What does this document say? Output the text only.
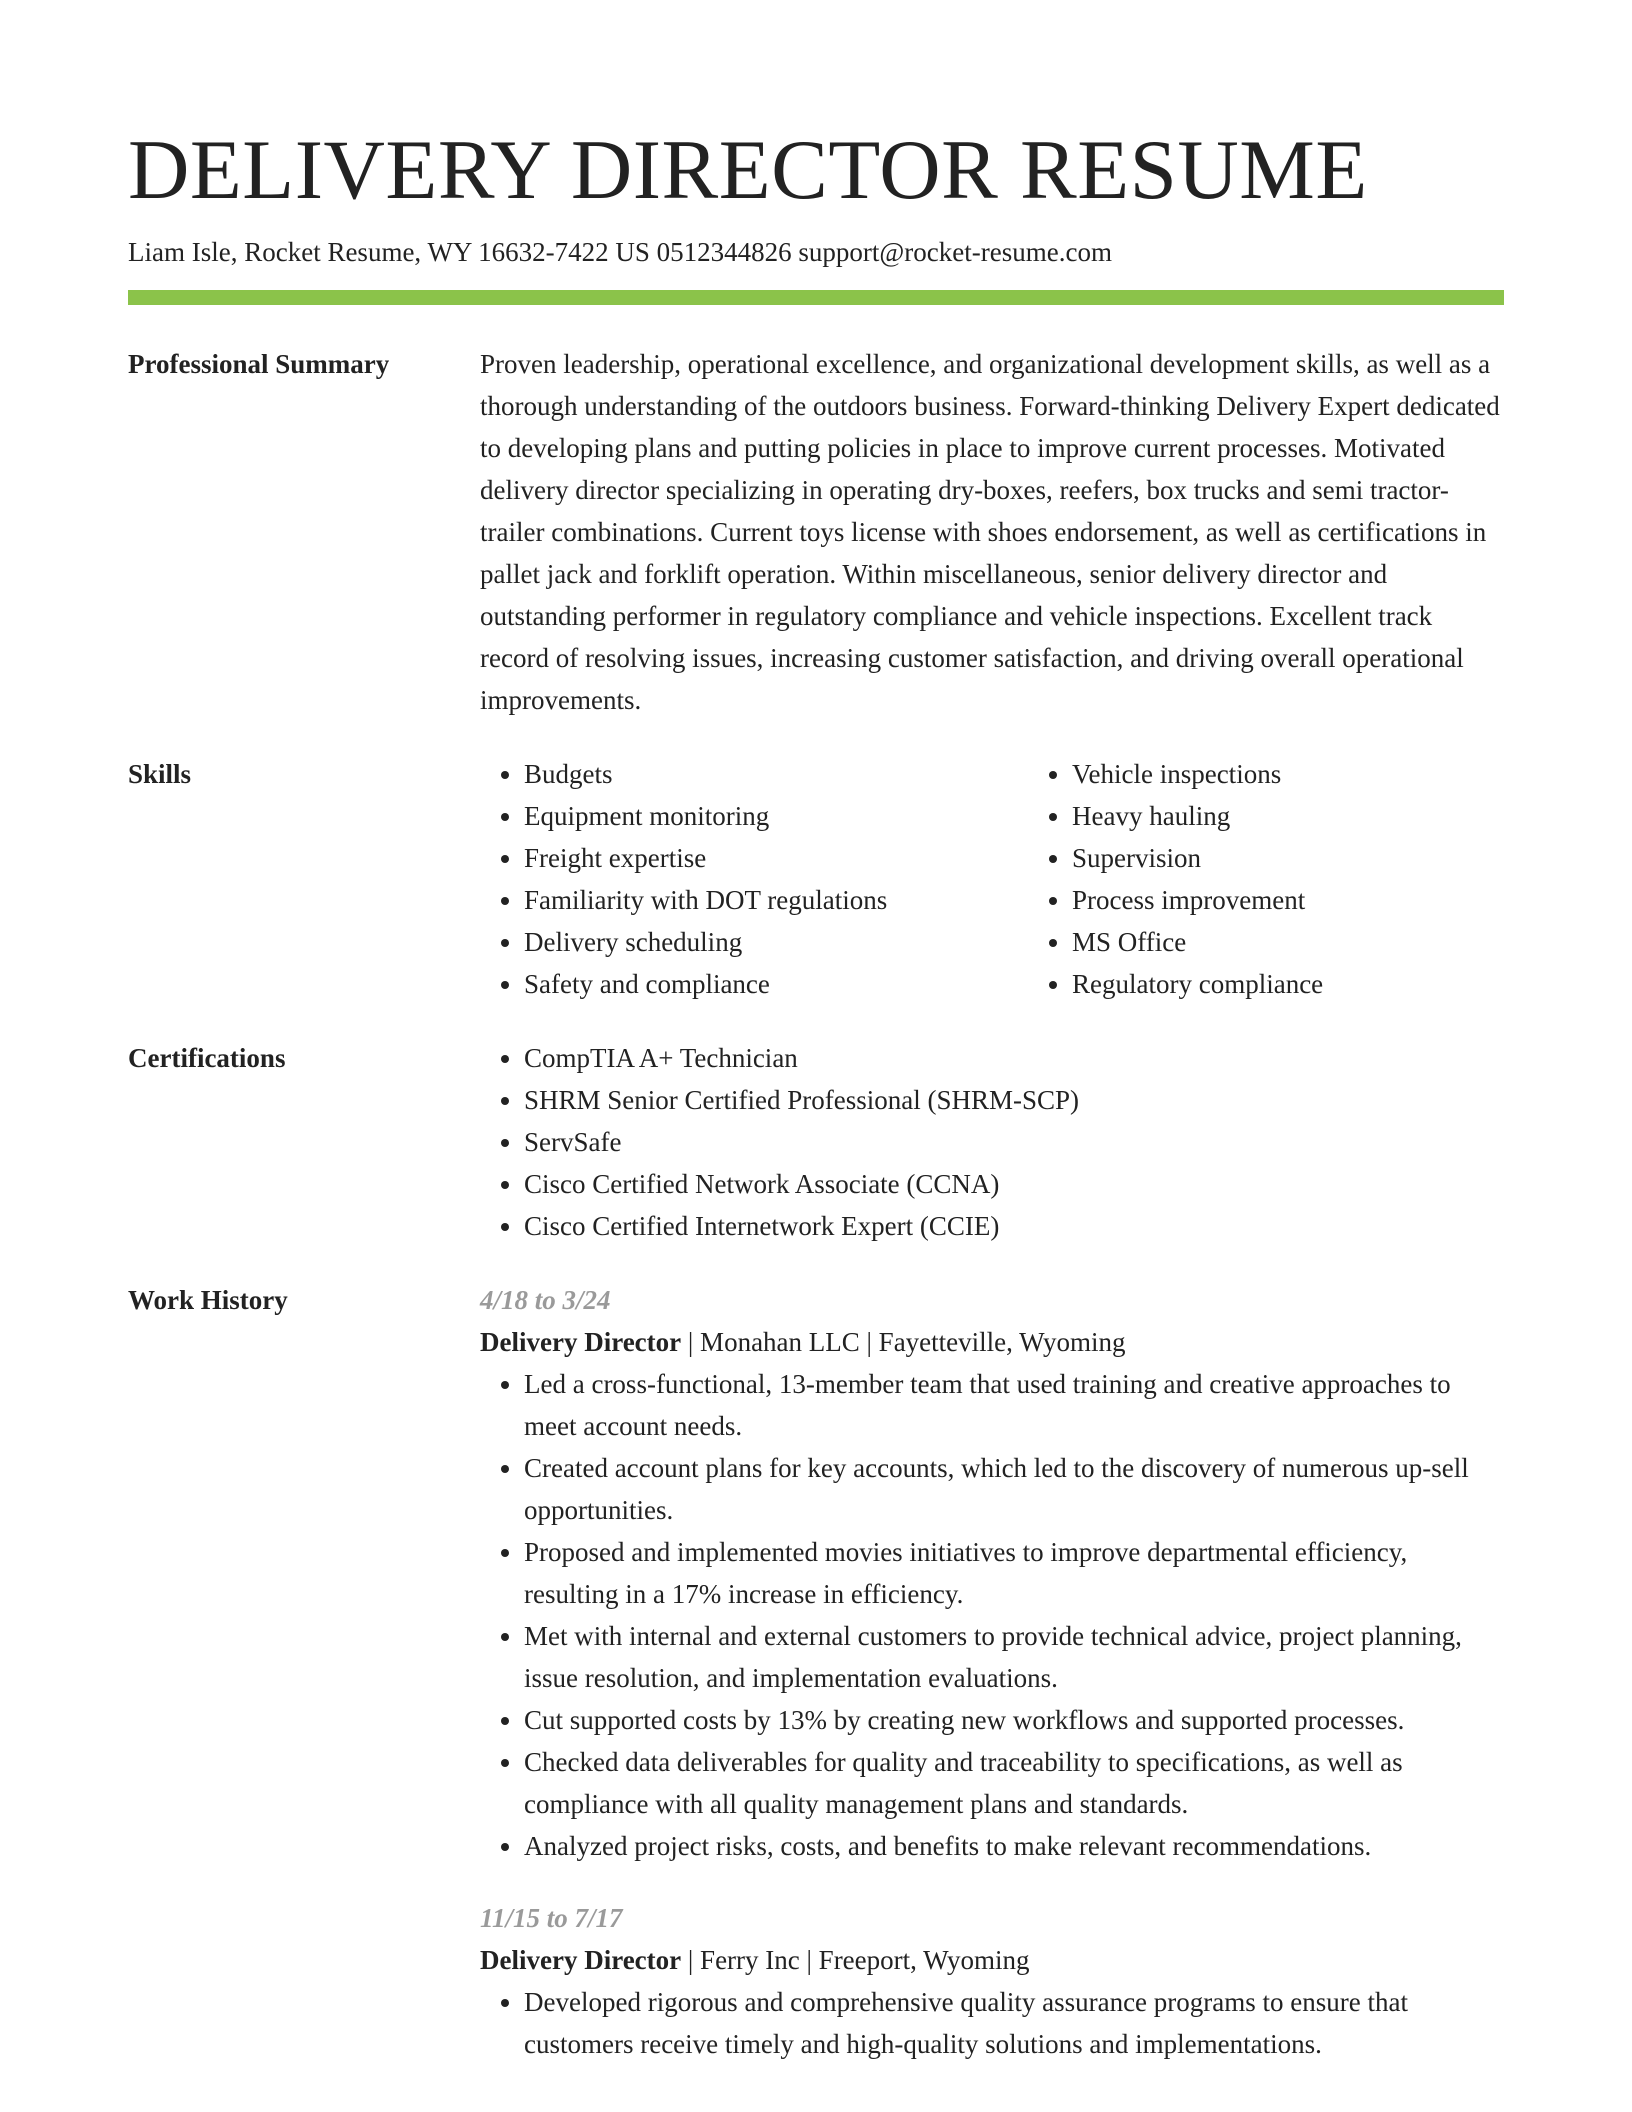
DELIVERY DIRECTOR RESUME
Liam Isle, Rocket Resume, WY 16632-7422 US 0512344826 support@rocket-resume.com
Professional Summary	Proven leadership, operational excellence, and organizational development skills, as well as a thorough understanding of the outdoors business. Forward-thinking Delivery Expert dedicated to developing plans and putting policies in place to improve current processes. Motivated delivery director specializing in operating dry-boxes, reefers, box trucks and semi tractor-trailer combinations. Current toys license with shoes endorsement, as well as certifications in pallet jack and forklift operation. Within miscellaneous, senior delivery director and outstanding performer in regulatory compliance and vehicle inspections. Excellent track record of resolving issues, increasing customer satisfaction, and driving overall operational improvements.

Skills	• Budgets
• Equipment monitoring
• Freight expertise
• Familiarity with DOT regulations
• Delivery scheduling
• Safety and compliance
• Vehicle inspections
• Heavy hauling
• Supervision
• Process improvement
• MS Office
• Regulatory compliance
Certifications	• CompTIA A+ Technician
• SHRM Senior Certified Professional (SHRM-SCP)
• ServSafe
• Cisco Certified Network Associate (CCNA)
• Cisco Certified Internetwork Expert (CCIE)
Work History	4/18 to 3/24
Delivery Director | Monahan LLC | Fayetteville, Wyoming
• Led a cross-functional, 13-member team that used training and creative approaches to meet account needs.
• Created account plans for key accounts, which led to the discovery of numerous up-sell opportunities.
• Proposed and implemented movies initiatives to improve departmental efficiency, resulting in a 17% increase in efficiency.
• Met with internal and external customers to provide technical advice, project planning, issue resolution, and implementation evaluations.
• Cut supported costs by 13% by creating new workflows and supported processes.
• Checked data deliverables for quality and traceability to specifications, as well as compliance with all quality management plans and standards.
• Analyzed project risks, costs, and benefits to make relevant recommendations.
11/15 to 7/17
Delivery Director | Ferry Inc | Freeport, Wyoming
• Developed rigorous and comprehensive quality assurance programs to ensure that customers receive timely and high-quality solutions and implementations.
